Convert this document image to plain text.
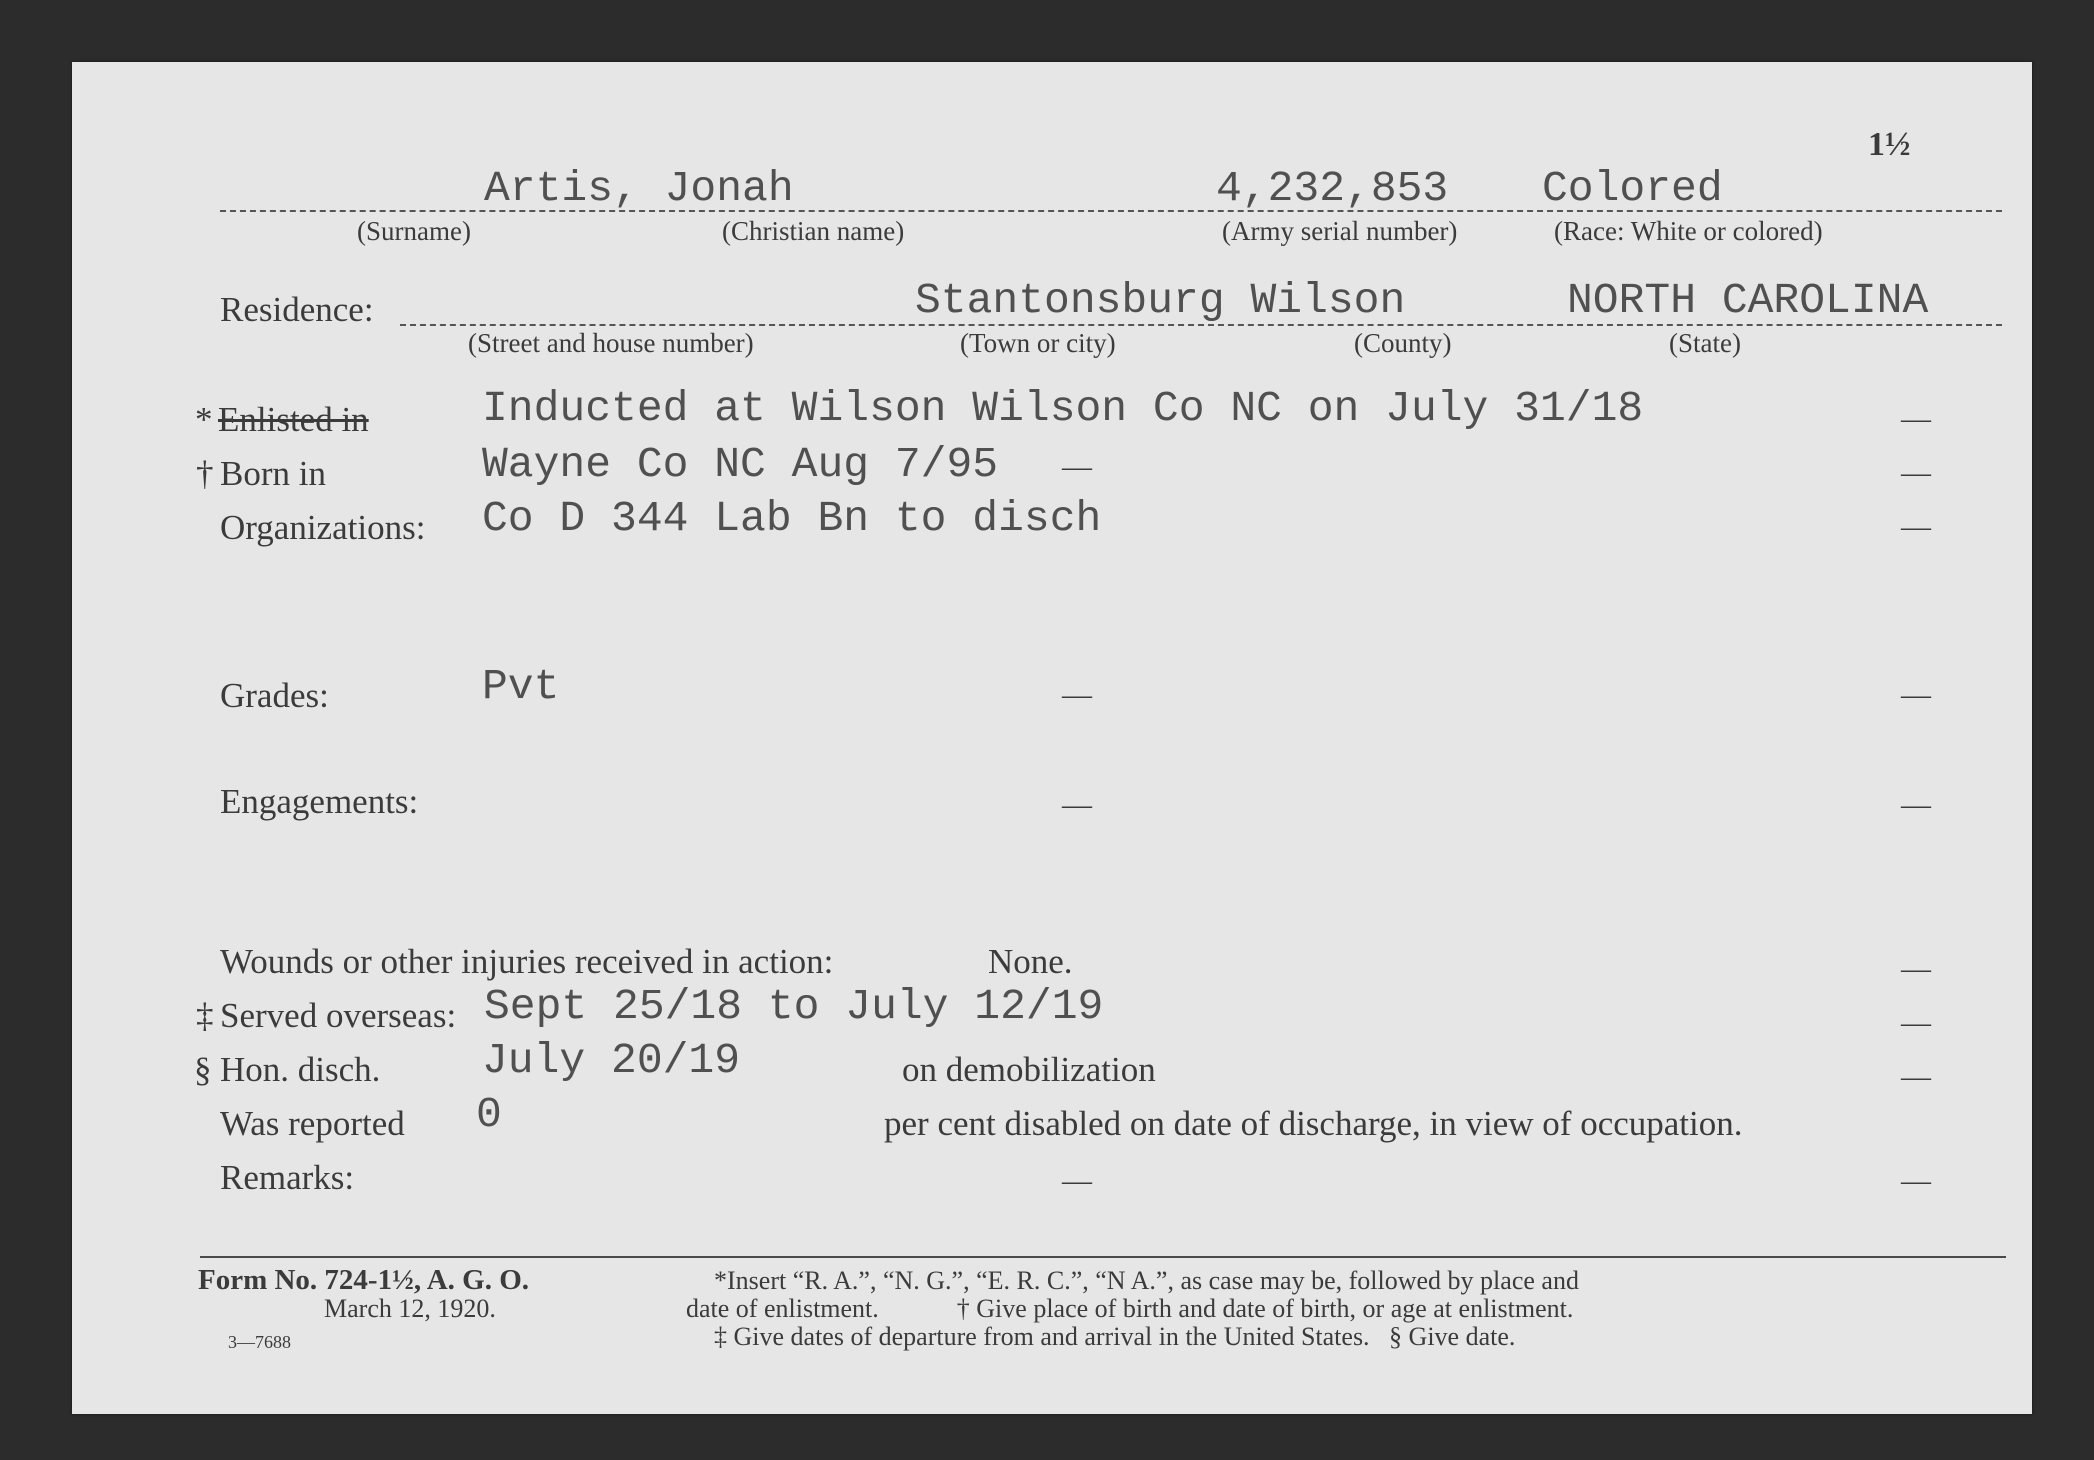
1½
Artis, Jonah	4,232,853 Colored
(Surname)	(Christian name)	(Army serial number)	(Race: White or colored)
Residence:	Stantonsburg Wilson	NORTH CAROLINA
(Street and house number)	(Town or city)	(County)	(State)
* Enlisted in	Inducted at Wilson Wilson Co NC on July 31/18	—
† Born in	Wayne Co NC Aug 7/95 —	—
Organizations: Co D 344 Lab Bn to disch	—
Grades:	Pvt	—	—
Engagements:	—	—
Wounds or other injuries received in action:	None.	—
‡ Served overseas: Sept 25/18 to July 12/19	—
§ Hon. disch. July 20/19	on demobilization	—
Was reported 0	per cent disabled on date of discharge, in view of occupation.
Remarks:	—	—
Form No. 724-1½, A. G. O.
March 12, 1920.
3—7688
*Insert “R. A.”, “N. G.”, “E. R. C.”, “N A.”, as case may be, followed by place and
date of enlistment.            † Give place of birth and date of birth, or age at enlistment.
‡ Give dates of departure from and arrival in the United States.   § Give date.
